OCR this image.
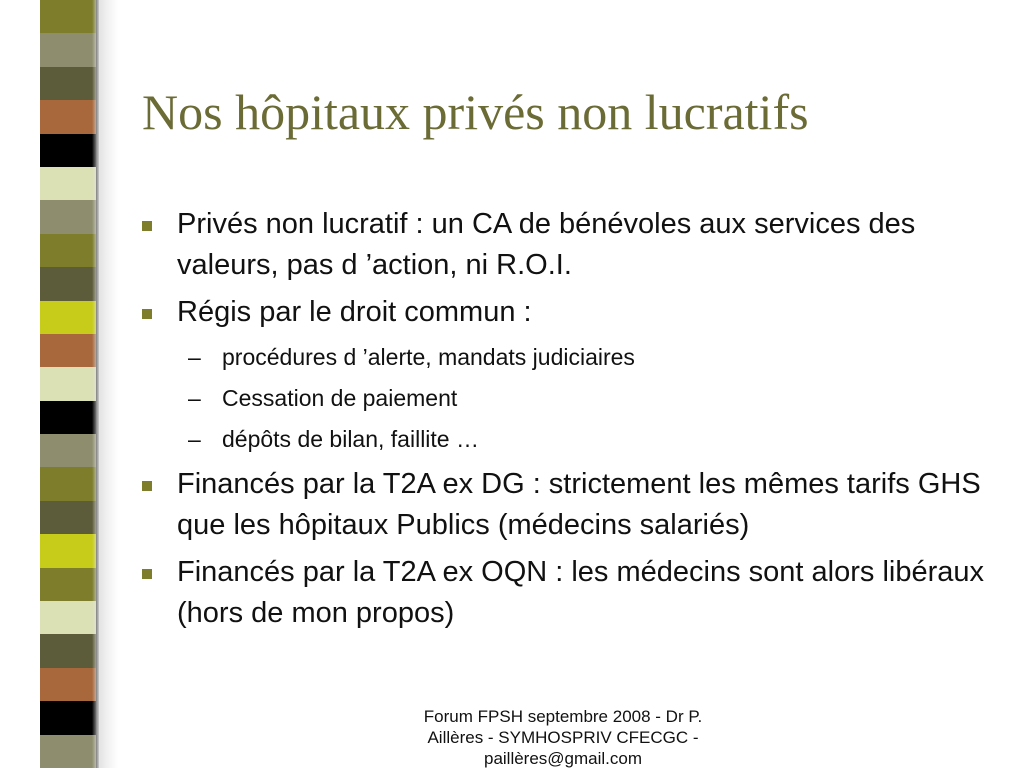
Nos hôpitaux privés non lucratifs
Privés non lucratif : un CA de bénévoles aux services des valeurs, pas d ’action, ni R.O.I.
Régis par le droit commun :
– procédures d ’alerte, mandats judiciaires
– Cessation de paiement
– dépôts de bilan, faillite …
Financés par la T2A ex DG : strictement les mêmes tarifs GHS que les hôpitaux Publics (médecins salariés)
Financés par la T2A ex OQN : les médecins sont alors libéraux (hors de mon propos)
Forum FPSH septembre 2008 - Dr P. Aillères - SYMHOSPRIV CFECGC - paillères@gmail.com
